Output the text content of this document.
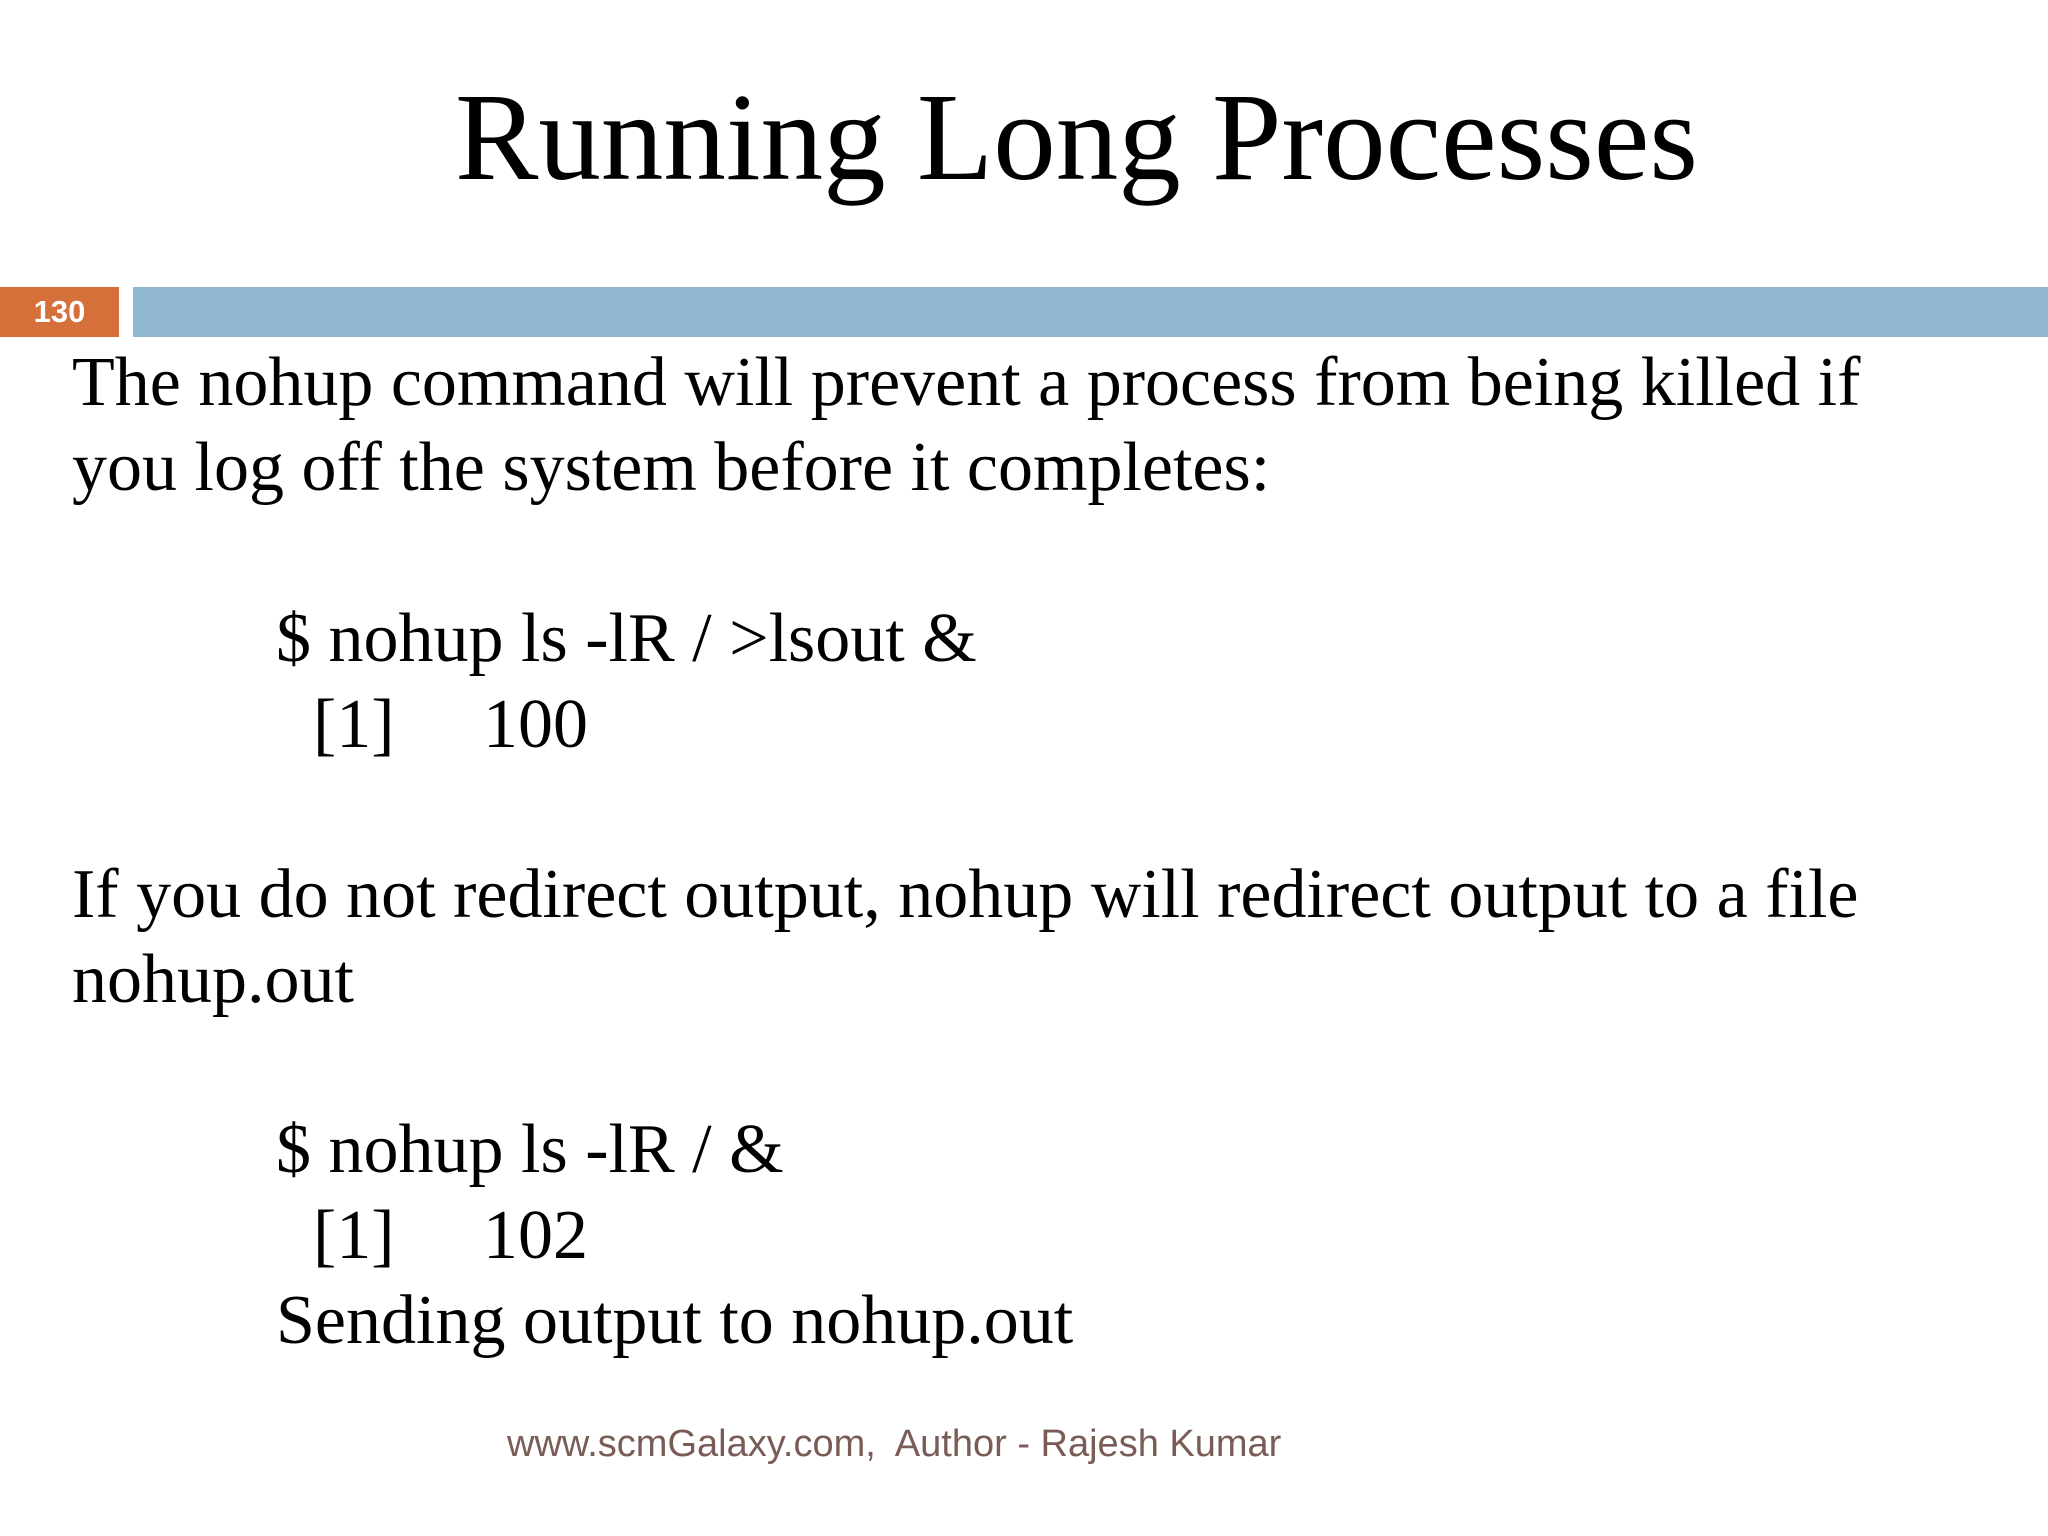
Running Long Processes
130
The nohup command will prevent a process from being killed if
you log off the system before it completes:
$ nohup ls -lR / >lsout &
[1] 100
If you do not redirect output, nohup will redirect output to a file
nohup.out
$ nohup ls -lR / &
[1] 102
Sending output to nohup.out
www.scmGalaxy.com,  Author - Rajesh Kumar
